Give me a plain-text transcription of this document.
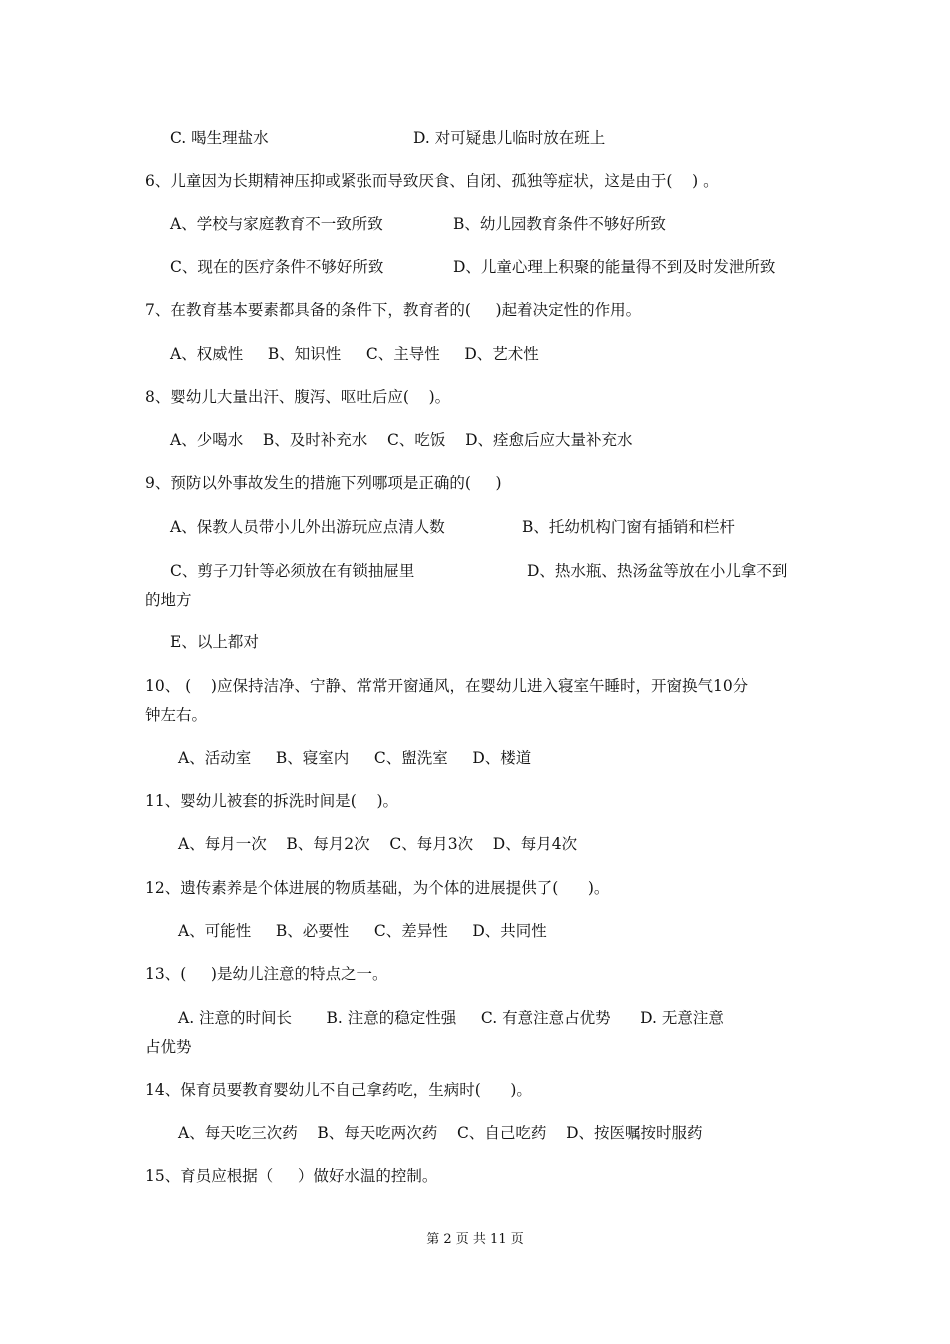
C. 喝生理盐水	D. 对可疑患儿临时放在班上
6、儿童因为长期精神压抑或紧张而导致厌食、自闭、孤独等症状，这是由于(    ) 。
A、学校与家庭教育不一致所致	B、幼儿园教育条件不够好所致
C、现在的医疗条件不够好所致	D、儿童心理上积聚的能量得不到及时发泄所致
7、在教育基本要素都具备的条件下，教育者的(     )起着决定性的作用。
A、权威性     B、知识性     C、主导性     D、艺术性
8、婴幼儿大量出汗、腹泻、呕吐后应(    )。
A、少喝水    B、及时补充水    C、吃饭    D、痊愈后应大量补充水
9、预防以外事故发生的措施下列哪项是正确的(     )
A、保教人员带小儿外出游玩应点清人数	B、托幼机构门窗有插销和栏杆
C、剪子刀针等必须放在有锁抽屉里	D、热水瓶、热汤盆等放在小儿拿不到
的地方
E、以上都对
10、 (    )应保持洁净、宁静、常常开窗通风，在婴幼儿进入寝室午睡时，开窗换气10分
钟左右。
A、活动室     B、寝室内     C、盥洗室     D、楼道
11、婴幼儿被套的拆洗时间是(    )。
A、每月一次    B、每月2次    C、每月3次    D、每月4次
12、遗传素养是个体进展的物质基础，为个体的进展提供了(      )。
A、可能性     B、必要性     C、差异性     D、共同性
13、(     )是幼儿注意的特点之一。
A. 注意的时间长       B. 注意的稳定性强     C. 有意注意占优势      D. 无意注意
占优势
14、保育员要教育婴幼儿不自己拿药吃，生病时(      )。
A、每天吃三次药    B、每天吃两次药    C、自己吃药    D、按医嘱按时服药
15、育员应根据（     ）做好水温的控制。
第 2 页 共 11 页
